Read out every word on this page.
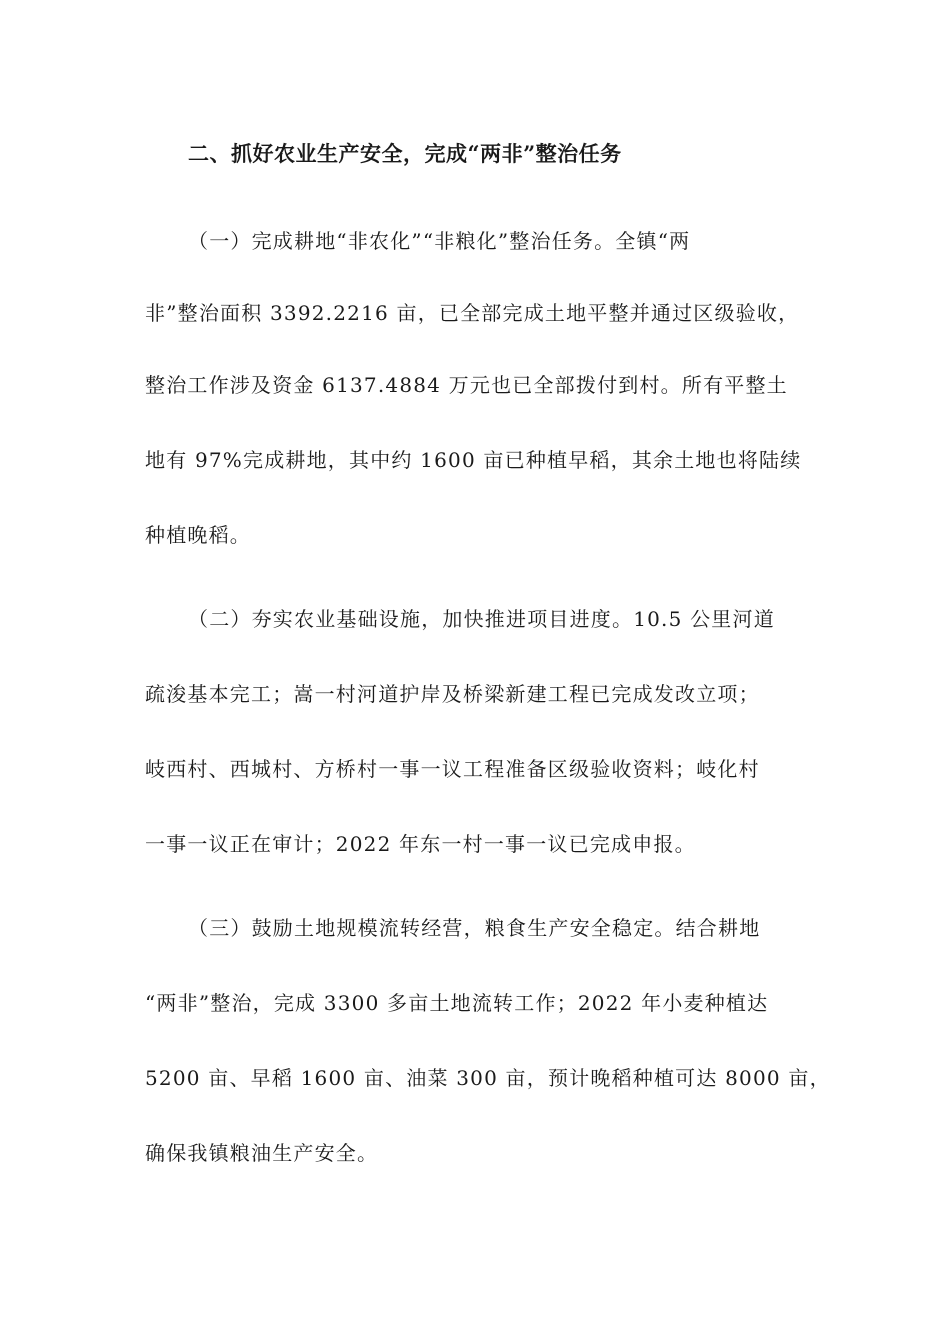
二、抓好农业生产安全，完成“两非”整治任务
（一）完成耕地“非农化”“非粮化”整治任务。全镇“两
非”整治面积 3392.2216 亩，已全部完成土地平整并通过区级验收，
整治工作涉及资金 6137.4884 万元也已全部拨付到村。所有平整土
地有 97%完成耕地，其中约 1600 亩已种植早稻，其余土地也将陆续
种植晚稻。
（二）夯实农业基础设施，加快推进项目进度。10.5 公里河道
疏浚基本完工；嵩一村河道护岸及桥梁新建工程已完成发改立项；
岐西村、西城村、方桥村一事一议工程准备区级验收资料；岐化村
一事一议正在审计；2022 年东一村一事一议已完成申报。
（三）鼓励土地规模流转经营，粮食生产安全稳定。结合耕地
“两非”整治，完成 3300 多亩土地流转工作；2022 年小麦种植达
5200 亩、早稻 1600 亩、油菜 300 亩，预计晚稻种植可达 8000 亩，
确保我镇粮油生产安全。
